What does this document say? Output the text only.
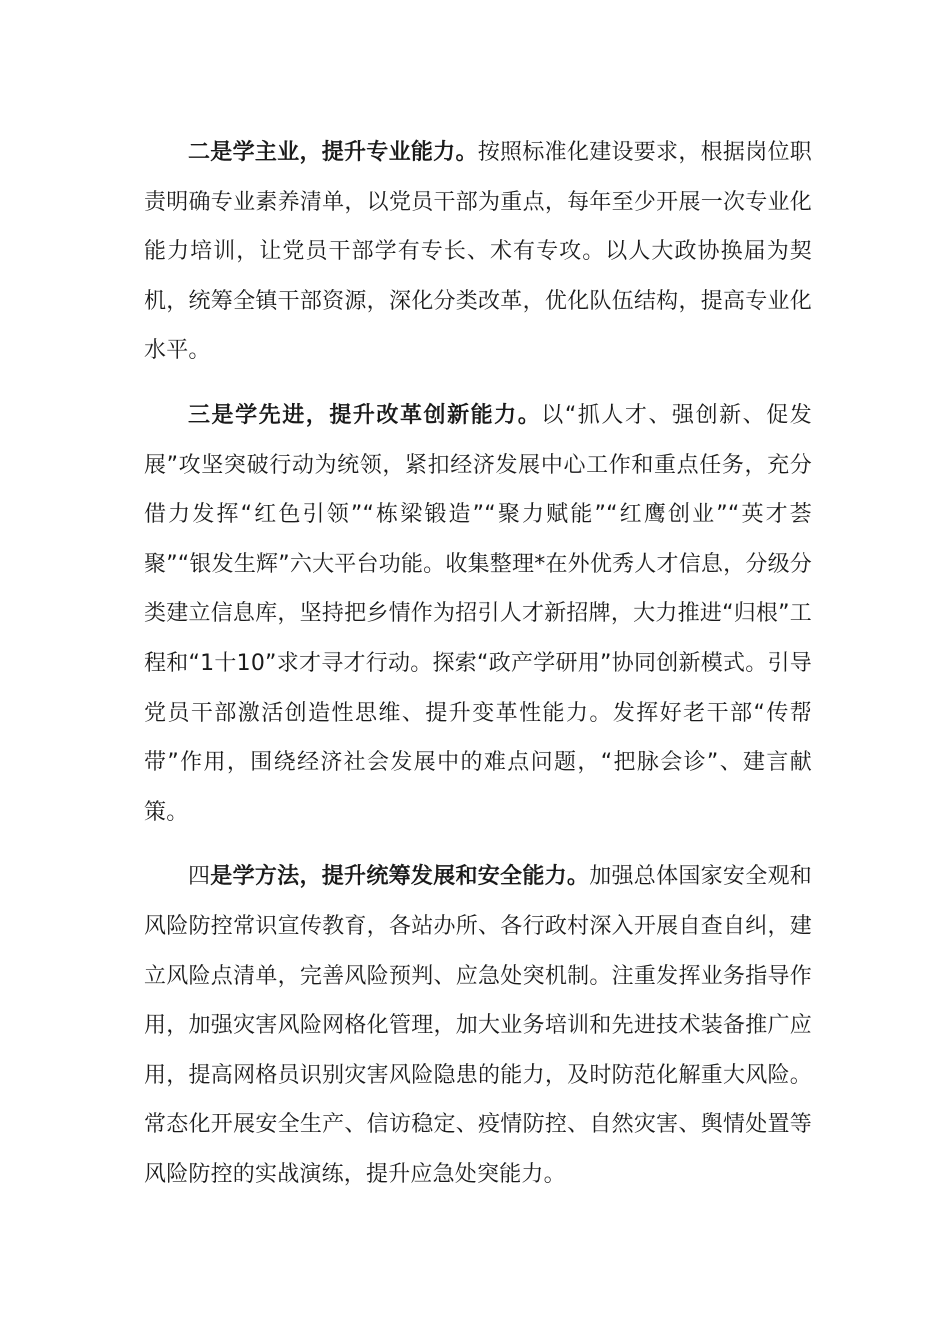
二是学主业，提升专业能力。按照标准化建设要求，根据岗位职责明确专业素养清单，以党员干部为重点，每年至少开展一次专业化能力培训，让党员干部学有专长、术有专攻。以人大政协换届为契机，统筹全镇干部资源，深化分类改革，优化队伍结构，提高专业化水平。

三是学先进，提升改革创新能力。以“抓人才、强创新、促发展”攻坚突破行动为统领，紧扣经济发展中心工作和重点任务，充分借力发挥“红色引领”“栋梁锻造”“聚力赋能”“红鹰创业”“英才荟聚”“银发生辉”六大平台功能。收集整理*在外优秀人才信息，分级分类建立信息库，坚持把乡情作为招引人才新招牌，大力推进“归根”工程和“1十10”求才寻才行动。探索“政产学研用”协同创新模式。引导党员干部激活创造性思维、提升变革性能力。发挥好老干部“传帮带”作用，围绕经济社会发展中的难点问题，“把脉会诊”、建言献策。

四是学方法，提升统筹发展和安全能力。加强总体国家安全观和风险防控常识宣传教育，各站办所、各行政村深入开展自查自纠，建立风险点清单，完善风险预判、应急处突机制。注重发挥业务指导作用，加强灾害风险网格化管理，加大业务培训和先进技术装备推广应用，提高网格员识别灾害风险隐患的能力，及时防范化解重大风险。常态化开展安全生产、信访稳定、疫情防控、自然灾害、舆情处置等风险防控的实战演练，提升应急处突能力。
